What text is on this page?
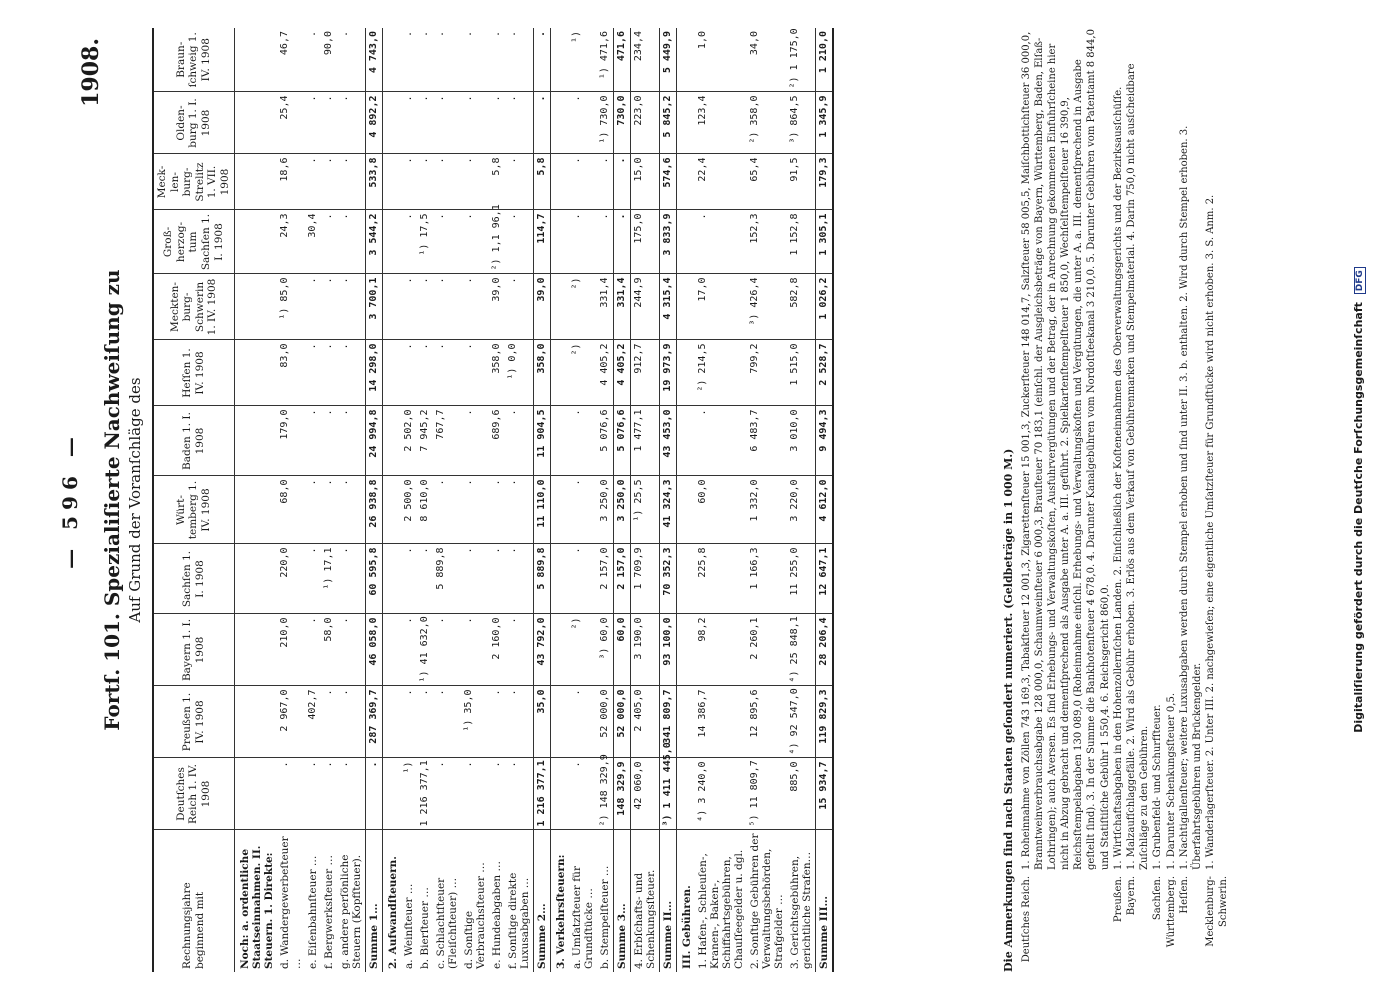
— 596 —
1908.
Fortſ. 101. Spezialiſierte Nachweiſung zu Auf Grund der Voranſchläge des
Rechnungsjahre beginnend mit	Deutſches Reich 1. IV. 1908	Preußen 1. IV. 1908	Bayern 1. I. 1908	Sachſen 1. I. 1908	Würt- temberg 1. IV. 1908	Baden 1. I. 1908	Heſſen 1. IV. 1908	Meckten- burg- Schwerin 1. IV. 1908	Groß- herzog- tum Sachſen 1. I. 1908	Meck- len- burg- Strelitz 1. VII. 1908	Olden- burg 1. I. 1908	Braun- ſchweig 1. IV. 1908
Noch: a. ordentliche Staatseinnahmen. II. Steuern. 1. Direkte:												
d. Wandergewerbeſteuer …	.	2 967,0	210,0	220,0	68,0	179,0	83,0	¹) 85,0	24,3	18,6	25,4	46,7
e. Eiſenbahnſteuer …	.	402,7	.	.	.	.	.	.	30,4	.	.	.
f. Bergwerksſteuer …	.	.	58,0	¹) 17,1	.	.	.	.	.	.	.	90,0
g. andere perſönliche Steuern (Kopfſteuer).	.	.	.	.	.	.	.	.	.	.	.	.
Summe 1…	.	287 369,7	46 058,0	60 595,8	26 938,8	24 994,8	14 298,0	3 700,1	3 544,2	533,8	4 892,2	4 743,0
2. Aufwandſteuern.												
a. Weinſteuer …	¹)	.	.	.	2 500,0	2 502,0	.	.	.	.	.	.
b. Bierſteuer …	1 216 377,1	.	¹) 41 632,0	.	8 610,0	7 945,2	.	.	¹) 17,5	.	.	.
c. Schlachtſteuer (Fleiſchſteuer) …	.	.	.	5 889,8	.	767,7	.	.	.	.	.	.
d. Sonſtige Verbrauchsſteuer …	.	¹) 35,0	.	.	.	.	.	.	.	.	.	.
e. Hundeabgaben …	.	.	2 160,0	.	.	689,6	358,0	39,0	²) 1,1 96,1	5,8	.	.
f. Sonſtige direkte Luxusabgaben …	.	.	.	.	.	.	¹) 0,0	.	.	.	.	.
Summe 2…	1 216 377,1	35,0	43 792,0	5 889,8	11 110,0	11 904,5	358,0	39,0	114,7	5,8	.	.
3. Verkehrsſteuern:												
a. Umſatzſteuer für Grundſtücke …	.	.	²)	.	.	.	²)	²)	.	.	.	¹)
b. Stempelſteuer …	²) 148 329,9	52 000,0	³) 60,0	2 157,0	3 250,0	5 076,6	4 405,2	331,4	.	.	¹) 730,0	¹) 471,6
Summe 3…	148 329,9	52 000,0	60,0	2 157,0	3 250,0	5 076,6	4 405,2	331,4	.	.	730,0	471,6
4. Erbſchafts- und Schenkungsſteuer.	42 060,0	2 405,0	3 190,0	1 709,9	¹) 25,5	1 477,1	912,7	244,9	175,0	15,0	223,0	234,4
Summe II…	³) 1 411 445,0	341 809,7	93 100,0	70 352,3	41 324,3	43 453,0	19 973,9	4 315,4	3 833,9	574,6	5 845,2	5 449,9
III. Gebühren.												
1. Hafen-, Schleuſen-, Kranen-, Baken-, Schiffahrtsgebühren, Chauſſeegelder u. dgl.	⁴) 3 240,0	14 386,7	98,2	225,8	60,0	.	²) 214,5	17,0	.	22,4	123,4	1,0
2. Sonſtige Gebühren der Verwaltungsbehörden, Strafgelder …	⁵) 11 809,7	12 895,6	2 260,1	1 166,3	1 332,0	6 483,7	799,2	³) 426,4	152,3	65,4	²) 358,0	34,0
3. Gerichtsgebühren, gerichtliche Strafen…	885,0	⁴) 92 547,0	⁴) 25 848,1	11 255,0	3 220,0	3 010,0	1 515,0	582,8	1 152,8	91,5	³) 864,5	²) 1 175,0
Summe III…	15 934,7	119 829,3	28 206,4	12 647,1	4 612,0	9 494,3	2 528,7	1 026,2	1 305,1	179,3	1 345,9	1 210,0
Die Anmerkungen ſind nach Staaten geſondert numeriert. (Geldbeträge in 1 000 M.) Deutſches Reich.
1. Roheinnahme von Zöllen 743 169,3, Tabakſteuer 12 001,3, Zigarettenſteuer 15 001,3, Zuckerſteuer 148 014,7, Salzſteuer 58 005,5, Maiſchbottichſteuer 36 000,0, Branntweinverbrauchsabgabe 128 000,0, Schaumweinſteuer 6 000,3, Brauſteuer 70 183,1 (einſchl. der Ausgleichsbeträge von Bayern, Württemberg, Baden, Elſaß-Lothringen); auch Aversen. Es ſind Erhebungs- und Verwaltungskoſten, Ausfuhrvergütungen und der Betrag, der in Anrechnung gekommenen Einfuhrſcheine hier nicht in Abzug gebracht und dementſprechend als Ausgabe unter A. a. III. geführt. 2. Spielkartenſtempelſteuer 1 850,0, Wechſelſtempelſteuer 16 390,9, Reichsſtempelabgaben 130 089,0 (Roheinnahme einſchl. Erhebungs- und Verwaltungskoſten und Vergütungen, die unter A. a. III. dementſprechend in Ausgabe geſtellt ſind). 3. In der Summe die Bankhotenſteuer 4 678,0. 4. Darunter Kanalgebühren vom Nordoſtſeekanal 3 210,0. 5. Darunter Gebühren vom Patentamt 8 844,0 und Statiſtiſche Gebühr 1 550,4. 6. Reichsgericht 860,0.
Preußen.
1. Wirtſchaftsabgaben in den Hohenzollernſchen Landen. 2. Einſchließlich der Koſteneinnahmen des Oberverwaltungsgerichts und der Bezirksausſchüſſe.
Bayern.
1. Malzaufſchlaggefälle. 2. Wird als Gebühr erhoben. 3. Erlös aus dem Verkauf von Gebührenmarken und Stempelmaterial. 4. Darin 750,0 nicht ausſcheidbare Zuſchläge zu den Gebühren.
Sachſen.
1. Grubenfeld- und Schurfſteuer.
Württemberg.
1. Darunter Schenkungsſteuer 0,5.
Heſſen.
1. Nachtigallenſteuer; weitere Luxusabgaben werden durch Stempel erhoben und ſind unter II. 3. b. enthalten. 2. Wird durch Stempel erhoben. 3. Überfahrtsgebühren und Brückengelder.
Mecklenburg-Schwerin.
1. Wanderlagerſteuer. 2. Unter III. 2. nachgewieſen; eine eigentliche Umſatzſteuer für Grundſtücke wird nicht erhoben. 3. S. Anm. 2.	Digitaliſierung gefördert durch die Deutſche Forſchungsgemeinſchaft DFG
